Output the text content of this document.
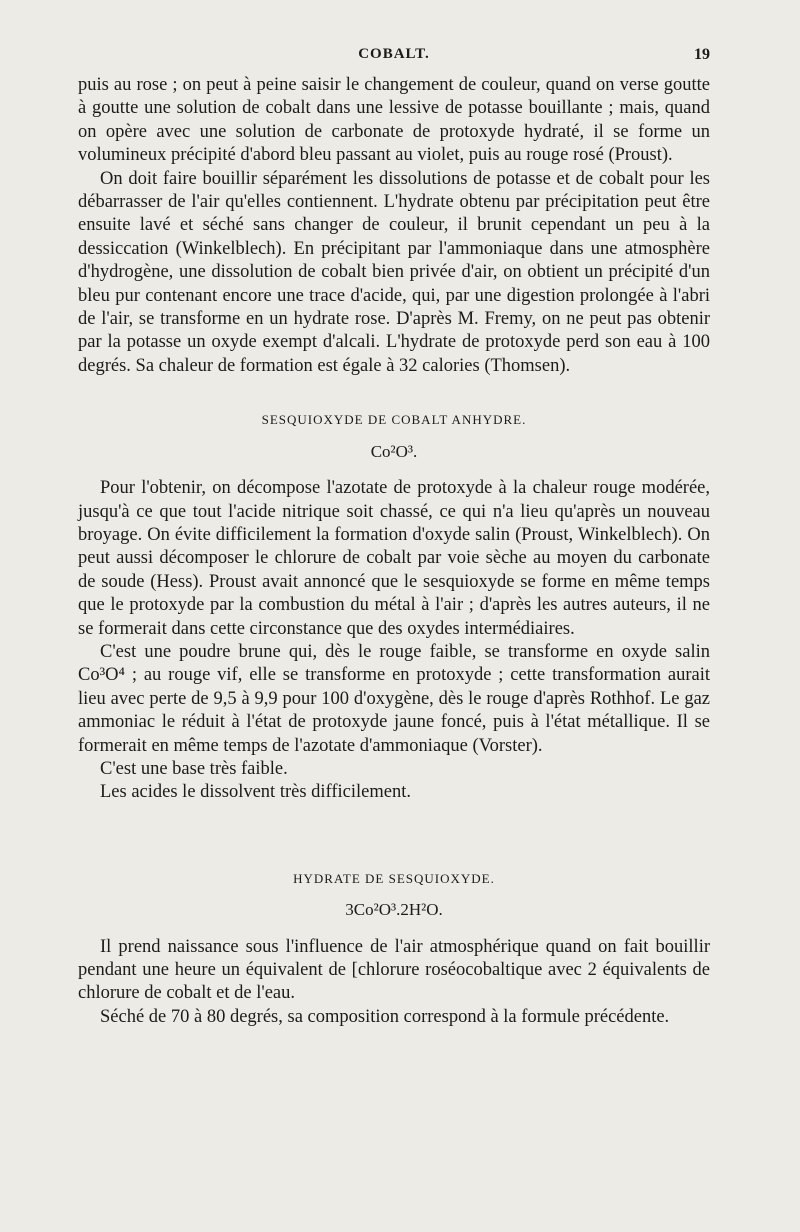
COBALT.	19

puis au rose ; on peut à peine saisir le changement de couleur, quand on verse goutte à goutte une solution de cobalt dans une lessive de potasse bouillante ; mais, quand on opère avec une solution de carbonate de protoxyde hydraté, il se forme un volumineux précipité d'abord bleu passant au violet, puis au rouge rosé (Proust).

On doit faire bouillir séparément les dissolutions de potasse et de cobalt pour les débarrasser de l'air qu'elles contiennent. L'hydrate obtenu par précipitation peut être ensuite lavé et séché sans changer de couleur, il brunit cependant un peu à la dessiccation (Winkelblech). En précipitant par l'ammoniaque dans une atmosphère d'hydrogène, une dissolution de cobalt bien privée d'air, on obtient un précipité d'un bleu pur contenant encore une trace d'acide, qui, par une digestion prolongée à l'abri de l'air, se transforme en un hydrate rose. D'après M. Fremy, on ne peut pas obtenir par la potasse un oxyde exempt d'alcali. L'hydrate de protoxyde perd son eau à 100 degrés. Sa chaleur de formation est égale à 32 calories (Thomsen).

SESQUIOXYDE DE COBALT ANHYDRE.
Co²O³.

Pour l'obtenir, on décompose l'azotate de protoxyde à la chaleur rouge modérée, jusqu'à ce que tout l'acide nitrique soit chassé, ce qui n'a lieu qu'après un nouveau broyage. On évite difficilement la formation d'oxyde salin (Proust, Winkelblech). On peut aussi décomposer le chlorure de cobalt par voie sèche au moyen du carbonate de soude (Hess). Proust avait annoncé que le sesquioxyde se forme en même temps que le protoxyde par la combustion du métal à l'air ; d'après les autres auteurs, il ne se formerait dans cette circonstance que des oxydes intermédiaires.

C'est une poudre brune qui, dès le rouge faible, se transforme en oxyde salin Co³O⁴ ; au rouge vif, elle se transforme en protoxyde ; cette transformation aurait lieu avec perte de 9,5 à 9,9 pour 100 d'oxygène, dès le rouge d'après Rothhof. Le gaz ammoniac le réduit à l'état de protoxyde jaune foncé, puis à l'état métallique. Il se formerait en même temps de l'azotate d'ammoniaque (Vorster).

C'est une base très faible.

Les acides le dissolvent très difficilement.

HYDRATE DE SESQUIOXYDE.
3Co²O³.2H²O.

Il prend naissance sous l'influence de l'air atmosphérique quand on fait bouillir pendant une heure un équivalent de [chlorure roséocobaltique avec 2 équivalents de chlorure de cobalt et de l'eau.

Séché de 70 à 80 degrés, sa composition correspond à la formule précédente.
